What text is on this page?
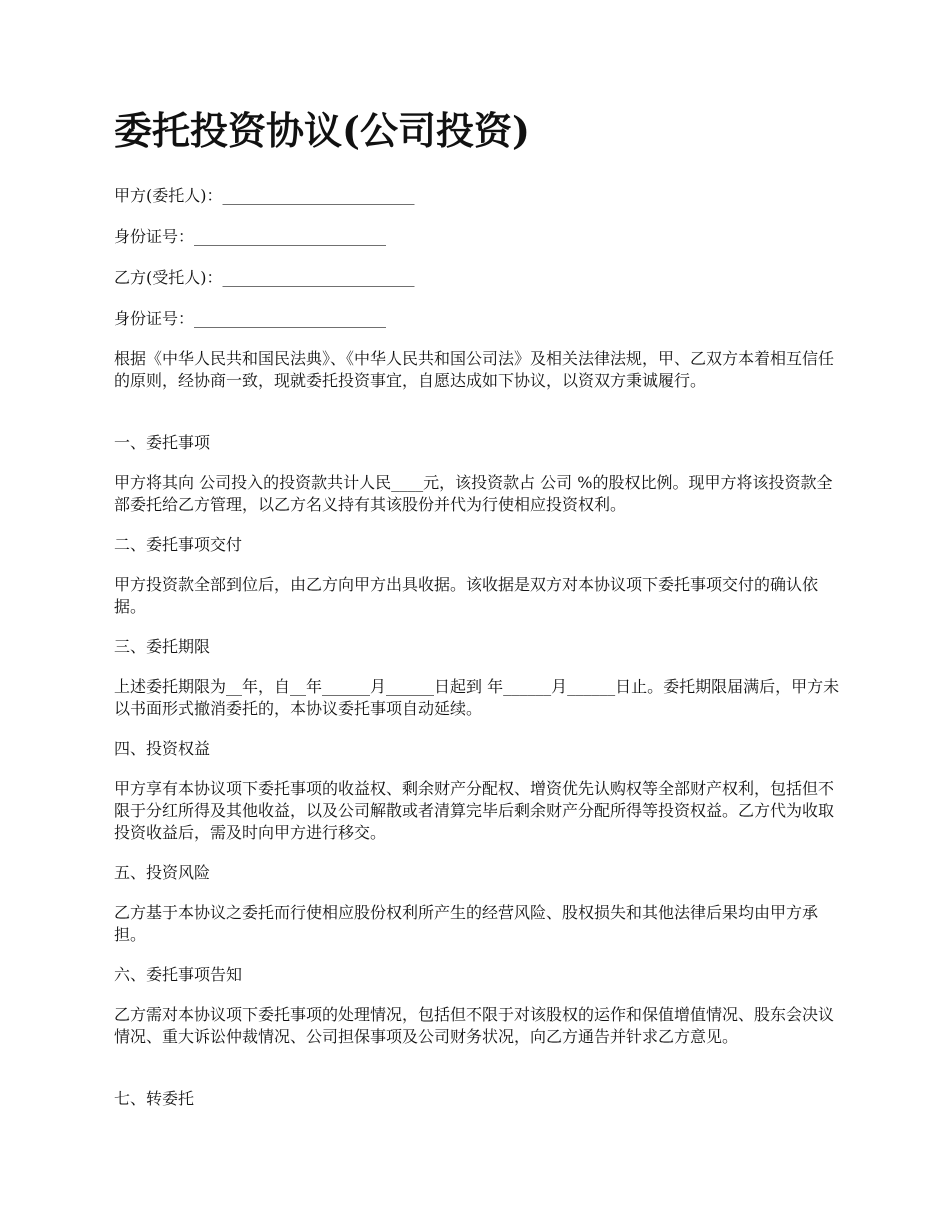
委托投资协议(公司投资)
甲方(委托人)：________________________
身份证号：________________________
乙方(受托人)：________________________
身份证号：________________________

根据《中华人民共和国民法典》、《中华人民共和国公司法》及相关法律法规，甲、乙双方本着相互信任的原则，经协商一致，现就委托投资事宜，自愿达成如下协议，以资双方秉诚履行。

一、委托事项

甲方将其向 公司投入的投资款共计人民____元，该投资款占 公司 %的股权比例。现甲方将该投资款全部委托给乙方管理，以乙方名义持有其该股份并代为行使相应投资权利。

二、委托事项交付

甲方投资款全部到位后，由乙方向甲方出具收据。该收据是双方对本协议项下委托事项交付的确认依据。

三、委托期限

上述委托期限为__年，自__年______月______日起到 年______月______日止。委托期限届满后，甲方未以书面形式撤消委托的，本协议委托事项自动延续。

四、投资权益

甲方享有本协议项下委托事项的收益权、剩余财产分配权、增资优先认购权等全部财产权利，包括但不限于分红所得及其他收益，以及公司解散或者清算完毕后剩余财产分配所得等投资权益。乙方代为收取投资收益后，需及时向甲方进行移交。

五、投资风险

乙方基于本协议之委托而行使相应股份权利所产生的经营风险、股权损失和其他法律后果均由甲方承担。

六、委托事项告知

乙方需对本协议项下委托事项的处理情况，包括但不限于对该股权的运作和保值增值情况、股东会决议情况、重大诉讼仲裁情况、公司担保事项及公司财务状况，向乙方通告并针求乙方意见。

七、转委托
